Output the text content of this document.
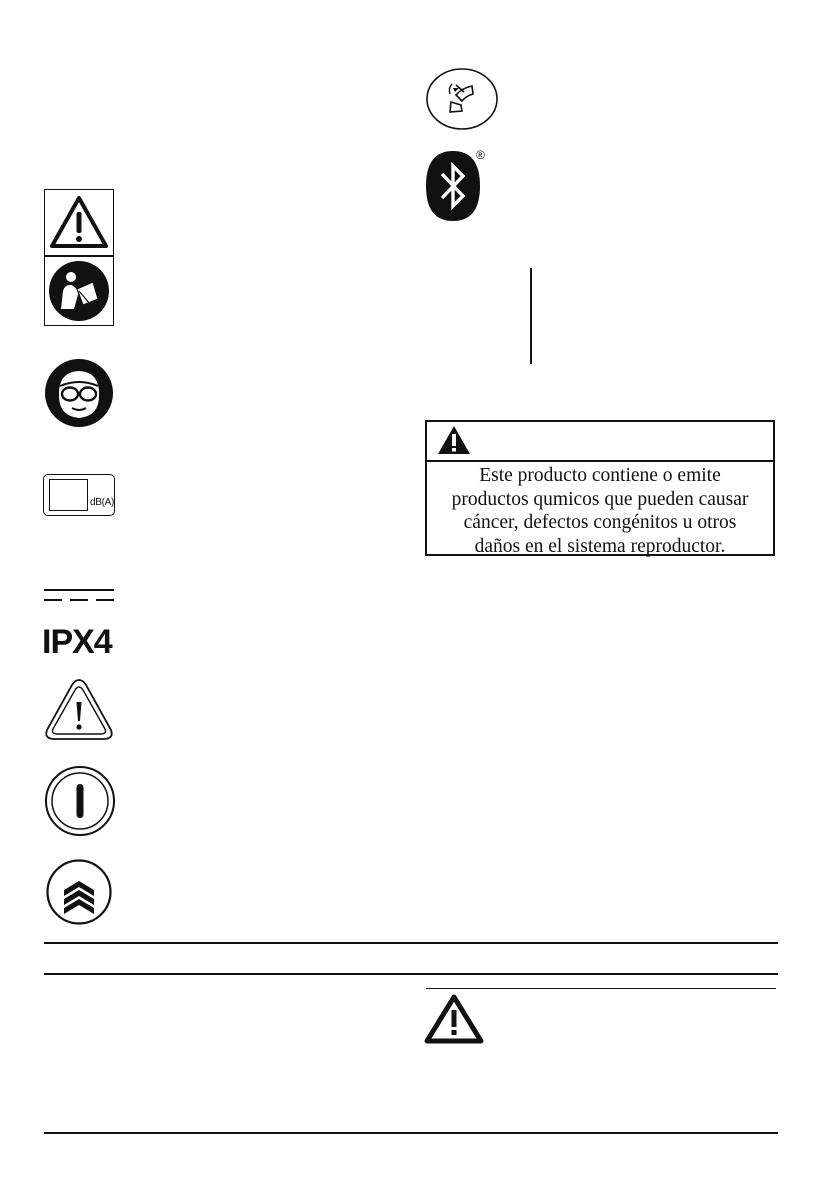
dB(A)
IPX4
®
Este producto contiene o emite
productos qumicos que pueden causar
cáncer, defectos congénitos u otros
daños en el sistema reproductor.
